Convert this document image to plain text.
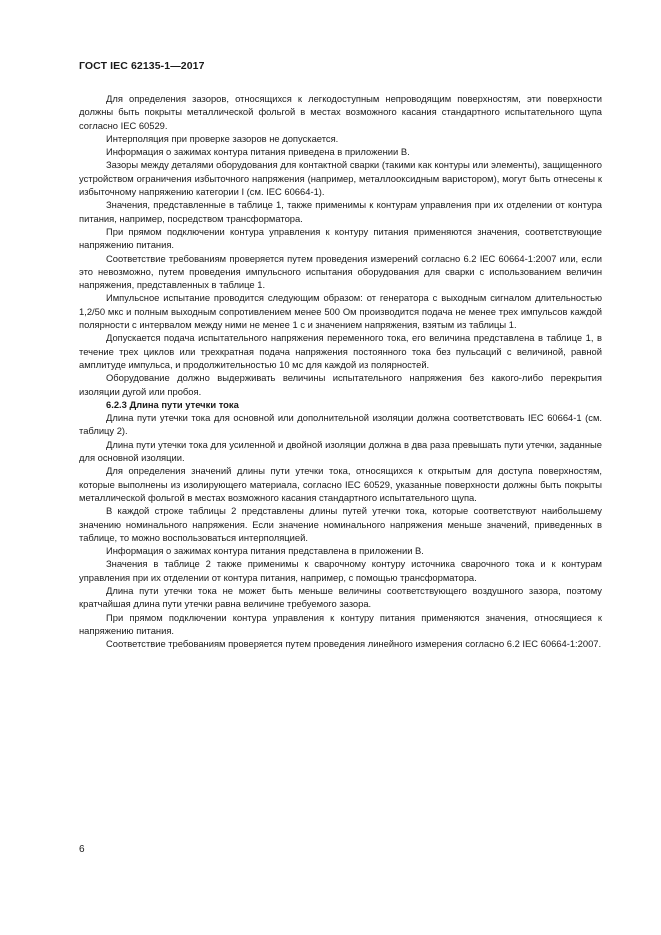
ГОСТ IEC 62135-1—2017

Для определения зазоров, относящихся к легкодоступным непроводящим поверхностям, эти поверхности должны быть покрыты металлической фольгой в местах возможного касания стандартного испытательного щупа согласно IEC 60529.

Интерполяция при проверке зазоров не допускается.

Информация о зажимах контура питания приведена в приложении В.

Зазоры между деталями оборудования для контактной сварки (такими как контуры или элементы), защищенного устройством ограничения избыточного напряжения (например, металлооксидным варистором), могут быть отнесены к избыточному напряжению категории I (см. IEC 60664-1).

Значения, представленные в таблице 1, также применимы к контурам управления при их отделении от контура питания, например, посредством трансформатора.

При прямом подключении контура управления к контуру питания применяются значения, соответствующие напряжению питания.

Соответствие требованиям проверяется путем проведения измерений согласно 6.2 IEC 60664-1:2007 или, если это невозможно, путем проведения импульсного испытания оборудования для сварки с использованием величин напряжения, представленных в таблице 1.

Импульсное испытание проводится следующим образом: от генератора с выходным сигналом длительностью 1,2/50 мкс и полным выходным сопротивлением менее 500 Ом производится подача не менее трех импульсов каждой полярности с интервалом между ними не менее 1 с и значением напряжения, взятым из таблицы 1.

Допускается подача испытательного напряжения переменного тока, его величина представлена в таблице 1, в течение трех циклов или трехкратная подача напряжения постоянного тока без пульсаций с величиной, равной амплитуде импульса, и продолжительностью 10 мс для каждой из полярностей.

Оборудование должно выдерживать величины испытательного напряжения без какого-либо перекрытия изоляции дугой или пробоя.

6.2.3 Длина пути утечки тока

Длина пути утечки тока для основной или дополнительной изоляции должна соответствовать IEC 60664-1 (см. таблицу 2).

Длина пути утечки тока для усиленной и двойной изоляции должна в два раза превышать пути утечки, заданные для основной изоляции.

Для определения значений длины пути утечки тока, относящихся к открытым для доступа поверхностям, которые выполнены из изолирующего материала, согласно IEC 60529, указанные поверхности должны быть покрыты металлической фольгой в местах возможного касания стандартного испытательного щупа.

В каждой строке таблицы 2 представлены длины путей утечки тока, которые соответствуют наибольшему значению номинального напряжения. Если значение номинального напряжения меньше значений, приведенных в таблице, то можно воспользоваться интерполяцией.

Информация о зажимах контура питания представлена в приложении В.

Значения в таблице 2 также применимы к сварочному контуру источника сварочного тока и к контурам управления при их отделении от контура питания, например, с помощью трансформатора.

Длина пути утечки тока не может быть меньше величины соответствующего воздушного зазора, поэтому кратчайшая длина пути утечки равна величине требуемого зазора.

При прямом подключении контура управления к контуру питания применяются значения, относящиеся к напряжению питания.

Соответствие требованиям проверяется путем проведения линейного измерения согласно 6.2 IEC 60664-1:2007.

6
